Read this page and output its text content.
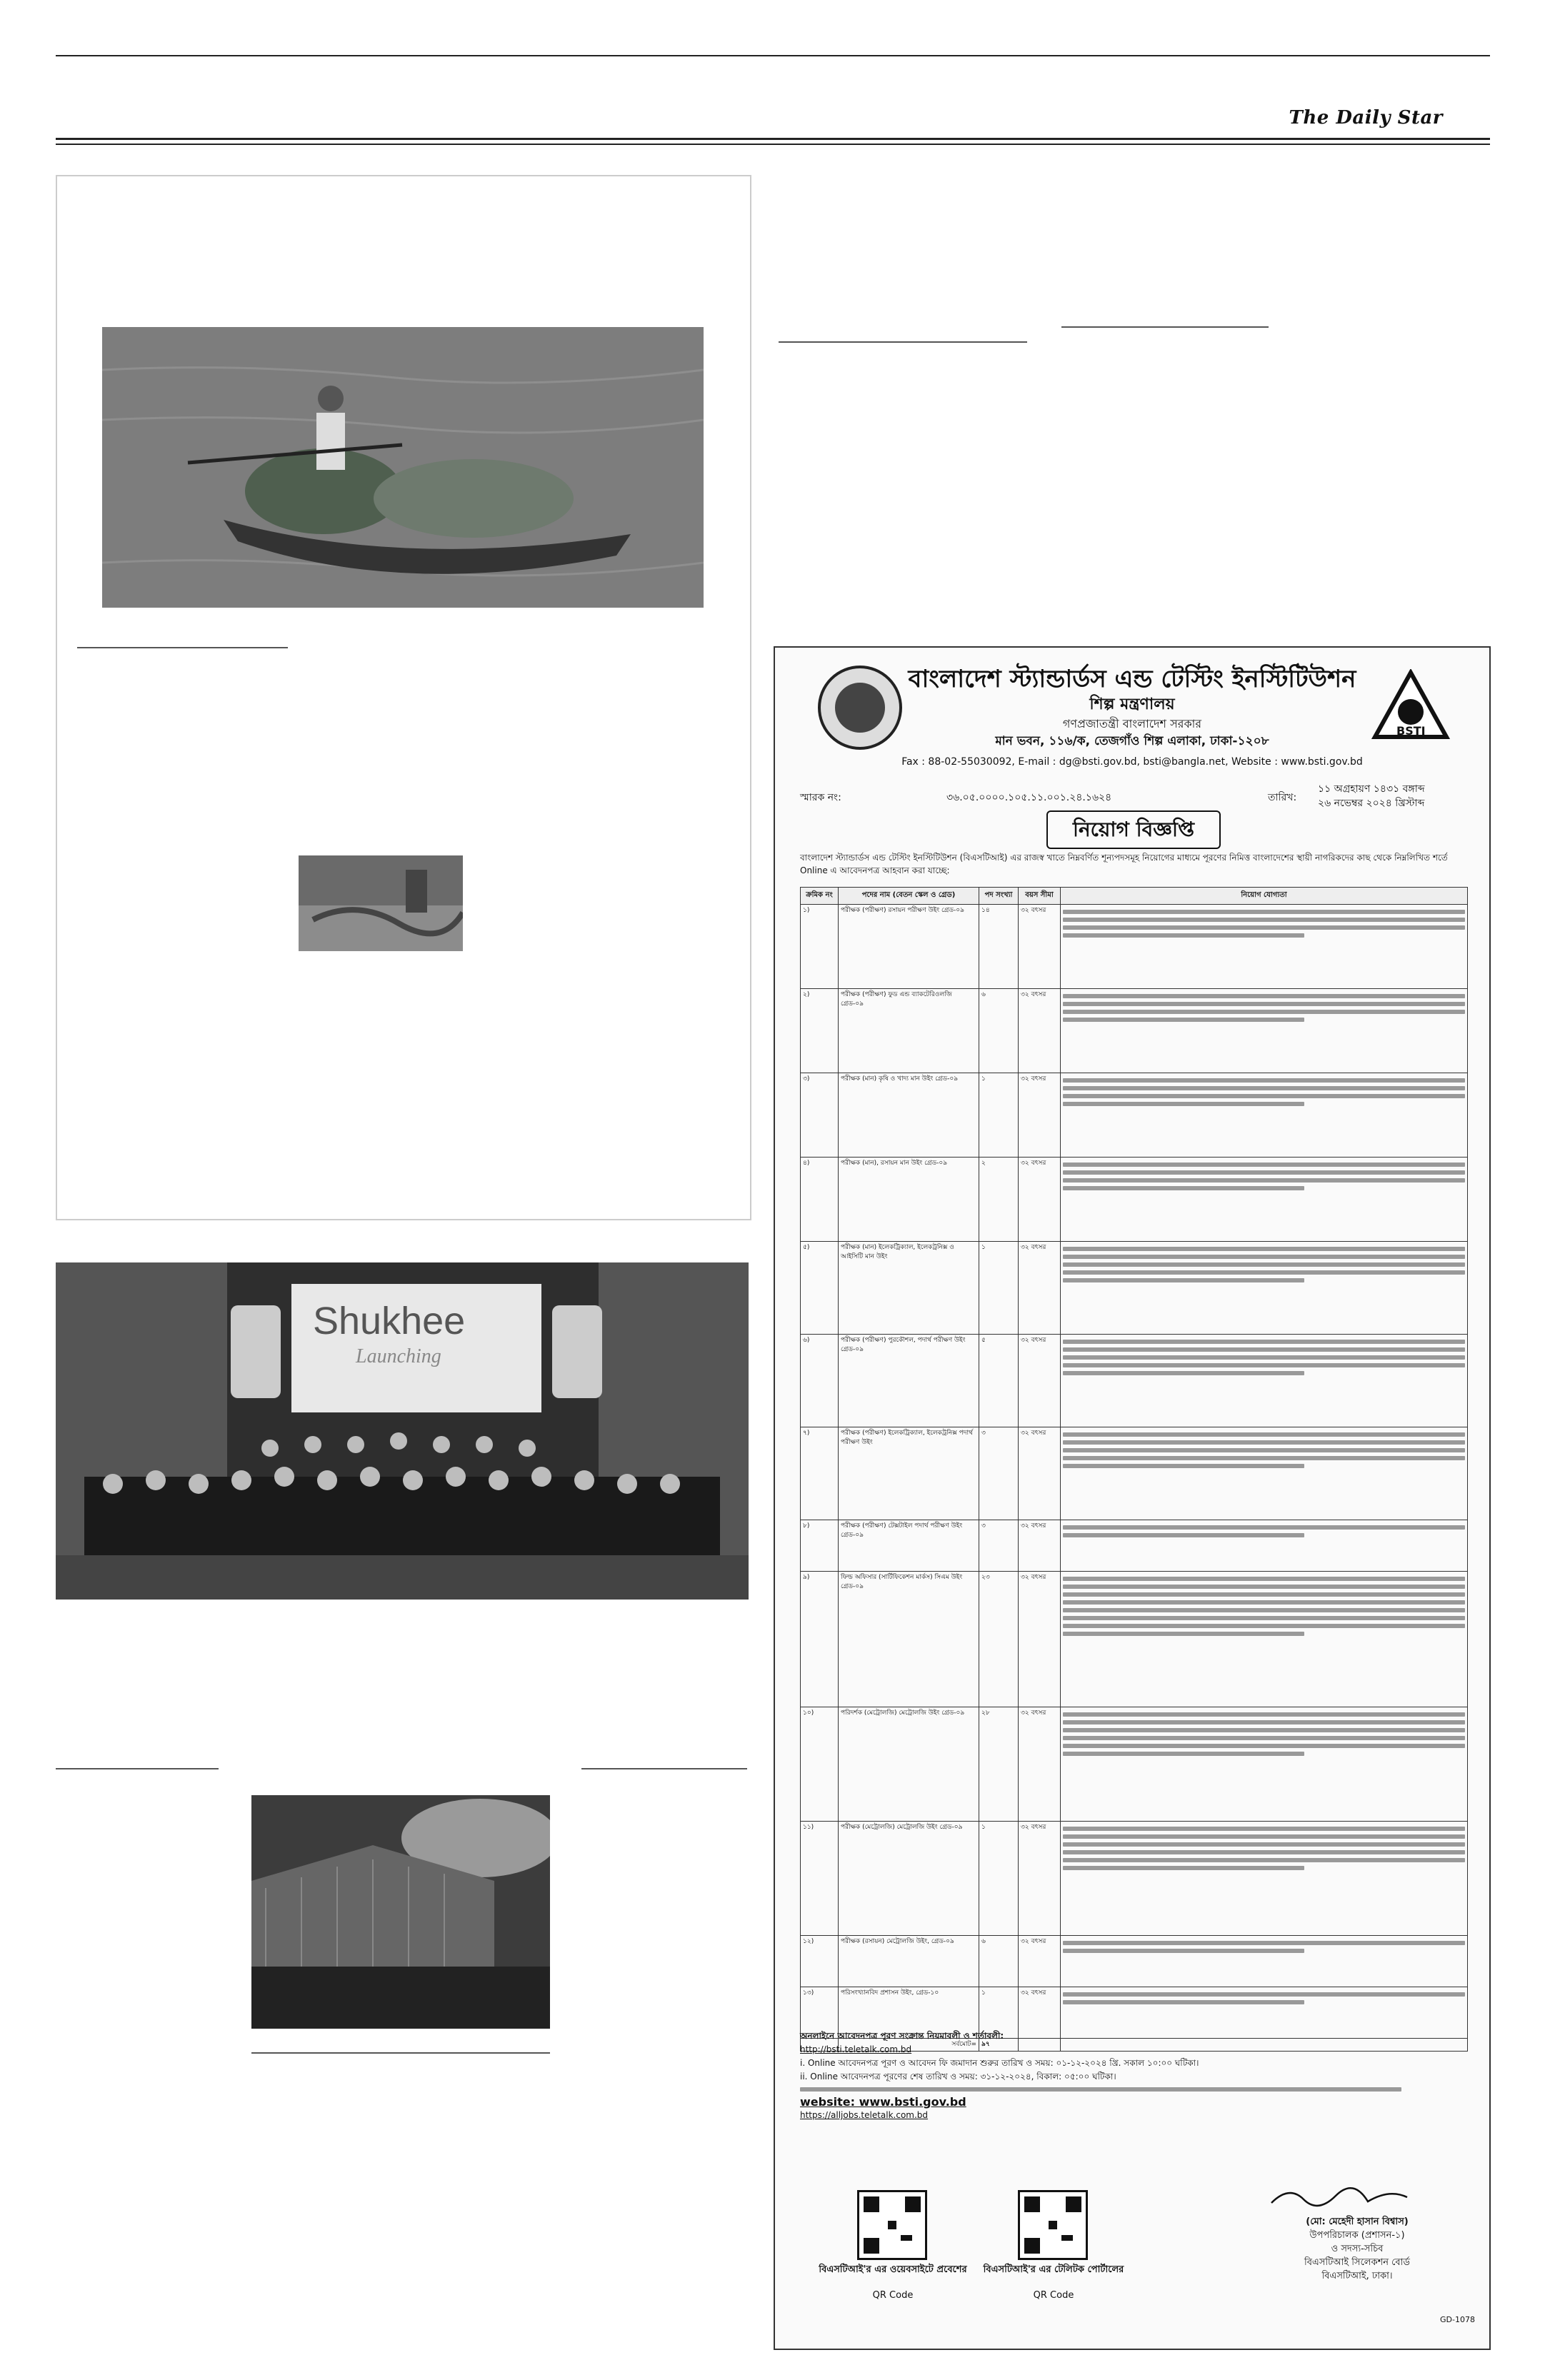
The Daily Star
Shukhee
Launching
বাংলাদেশ স্ট্যান্ডার্ডস এন্ড টেস্টিং ইনস্টিটিউশন
শিল্প মন্ত্রণালয়
গণপ্রজাতন্ত্রী বাংলাদেশ সরকার
মান ভবন, ১১৬/ক, তেজগাঁও শিল্প এলাকা, ঢাকা-১২০৮
Fax : 88-02-55030092, E-mail : dg@bsti.gov.bd, bsti@bangla.net, Website : www.bsti.gov.bd
BSTI
স্মারক নং:	৩৬.০৫.০০০০.১০৫.১১.০০১.২৪.১৬২৪	তারিখ:
১১ অগ্রহায়ণ ১৪৩১ বঙ্গাব্দ
২৬ নভেম্বর ২০২৪ খ্রিস্টাব্দ
নিয়োগ বিজ্ঞপ্তি
বাংলাদেশ স্ট্যান্ডার্ডস এন্ড টেস্টিং ইনস্টিটিউশন (বিএসটিআই) এর রাজস্ব খাতে নিম্নবর্ণিত শূন্যপদসমূহ নিয়োগের মাধ্যমে পূরণের নিমিত্ত বাংলাদেশের স্থায়ী নাগরিকদের কাছ থেকে নিম্নলিখিত শর্তে Online এ আবেদনপত্র আহবান করা যাচ্ছে:
ক্রমিক নং	পদের নাম (বেতন স্কেল ও গ্রেড)	পদ সংখ্যা	বয়স সীমা	নিয়োগ যোগ্যতা
১)	পরীক্ষক (পরীক্ষণ) রসায়ন পরীক্ষণ উইং গ্রেড-০৯	১৪	৩২ বৎসর	

২)	পরীক্ষক (পরীক্ষণ) ফুড এন্ড ব্যাকটেরিওলজি গ্রেড-০৯	৬	৩২ বৎসর	

৩)	পরীক্ষক (মান) কৃষি ও খাদ্য মান উইং গ্রেড-০৯	১	৩২ বৎসর	

৪)	পরীক্ষক (মান), রসায়ন মান উইং গ্রেড-০৯	২	৩২ বৎসর	

৫)	পরীক্ষক (মান) ইলেকট্রিক্যাল, ইলেকট্রনিক্স ও আইসিটি মান উইং	১	৩২ বৎসর	

৬)	পরীক্ষক (পরীক্ষণ) পুরকৌশল, পদার্থ পরীক্ষণ উইং গ্রেড-০৯	৫	৩২ বৎসর	

৭)	পরীক্ষক (পরীক্ষণ) ইলেকট্রিক্যাল, ইলেকট্রনিক্স পদার্থ পরীক্ষণ উইং	৩	৩২ বৎসর	

৮)	পরীক্ষক (পরীক্ষণ) টেক্সটাইল পদার্থ পরীক্ষণ উইং গ্রেড-০৯	৩	৩২ বৎসর	

৯)	ফিল্ড অফিসার (সার্টিফিকেশন মার্কস) সিএম উইং গ্রেড-০৯	২৩	৩২ বৎসর	

১০)	পরিদর্শক (মেট্রোলজি) মেট্রোলজি উইং গ্রেড-০৯	২৮	৩২ বৎসর	

১১)	পরীক্ষক (মেট্রোলজি) মেট্রোলজি উইং গ্রেড-০৯	১	৩২ বৎসর	

১২)	পরীক্ষক (রসায়ন) মেট্রোলজি উইং, গ্রেড-০৯	৬	৩২ বৎসর	

১৩)	পরিসংখ্যানবিদ প্রশাসন উইং, গ্রেড-১০	১	৩২ বৎসর	

	সর্বমোট=	৯৭		
অনলাইনে আবেদনপত্র পূরণ সংক্রান্ত নিয়মাবলী ও শর্তাবলী:
http://bsti.teletalk.com.bd
i. Online আবেদনপত্র পূরণ ও আবেদন ফি জমাদান শুরুর তারিখ ও সময়: ০১-১২-২০২৪ খ্রি. সকাল ১০:০০ ঘটিকা।
ii. Online আবেদনপত্র পূরণের শেষ তারিখ ও সময়: ৩১-১২-২০২৪, বিকাল: ০৫:০০ ঘটিকা।
website: www.bsti.gov.bd
https://alljobs.teletalk.com.bd
বিএসটিআই'র এর ওয়েবসাইটে প্রবেশের
QR Code
বিএসটিআই'র এর টেলিটক পোর্টালের
QR Code
(মো: মেহেদী হাসান বিশ্বাস)
উপপরিচালক (প্রশাসন-১)
ও সদস্য-সচিব
বিএসটিআই সিলেকশন বোর্ড
বিএসটিআই, ঢাকা।
GD-1078
